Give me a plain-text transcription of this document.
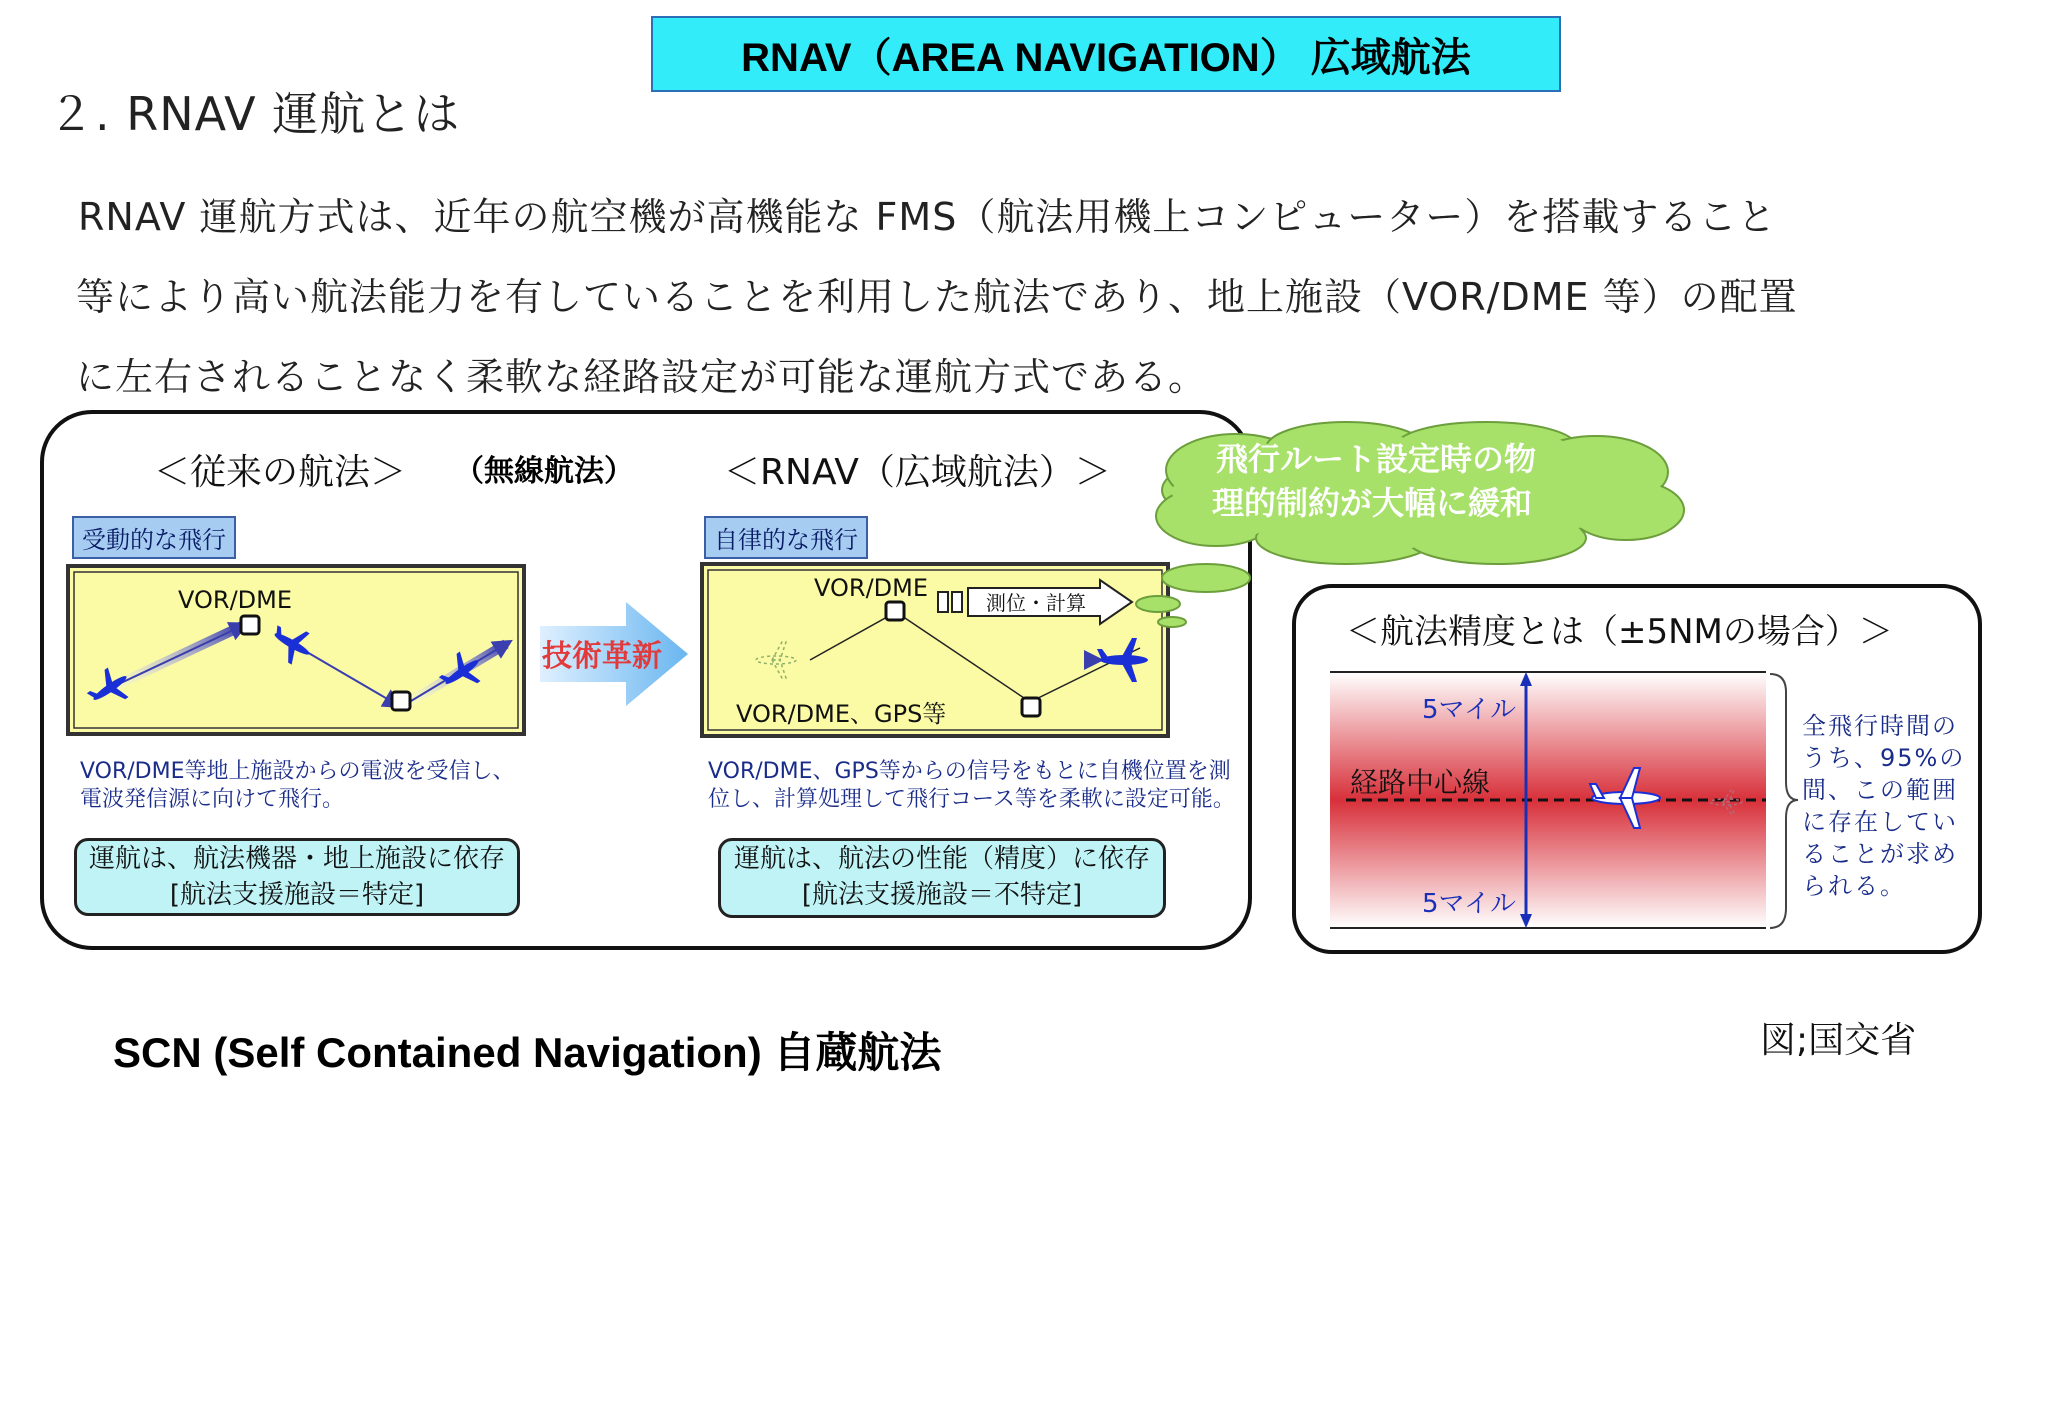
RNAV（AREA NAVIGATION） 広域航法
２. RNAV 運航とは
RNAV 運航方式は、近年の航空機が高機能な FMS（航法用機上コンピューター）を搭載すること
等により高い航法能力を有していることを利用した航法であり、地上施設（VOR/DME 等）の配置
に左右されることなく柔軟な経路設定が可能な運航方式である。
＜従来の航法＞ （無線航法）
受動的な飛行
VOR/DME
技術革新
VOR/DME等地上施設からの電波を受信し、
電波発信源に向けて飛行。
運航は、航法機器・地上施設に依存
[航法支援施設＝特定]
＜RNAV（広域航法）＞
自律的な飛行
VOR/DME
測位・計算
VOR/DME、GPS等
VOR/DME、GPS等からの信号をもとに自機位置を測
位し、計算処理して飛行コース等を柔軟に設定可能。
運航は、航法の性能（精度）に依存
[航法支援施設＝不特定]
飛行ルート設定時の物
理的制約が大幅に緩和
＜航法精度とは（±5NMの場合）＞
5マイル
経路中心線
5マイル
全飛行時間の
うち、95%の
間、この範囲
に存在してい
ることが求め
られる。
SCN (Self Contained Navigation) 自蔵航法	図;国交省
